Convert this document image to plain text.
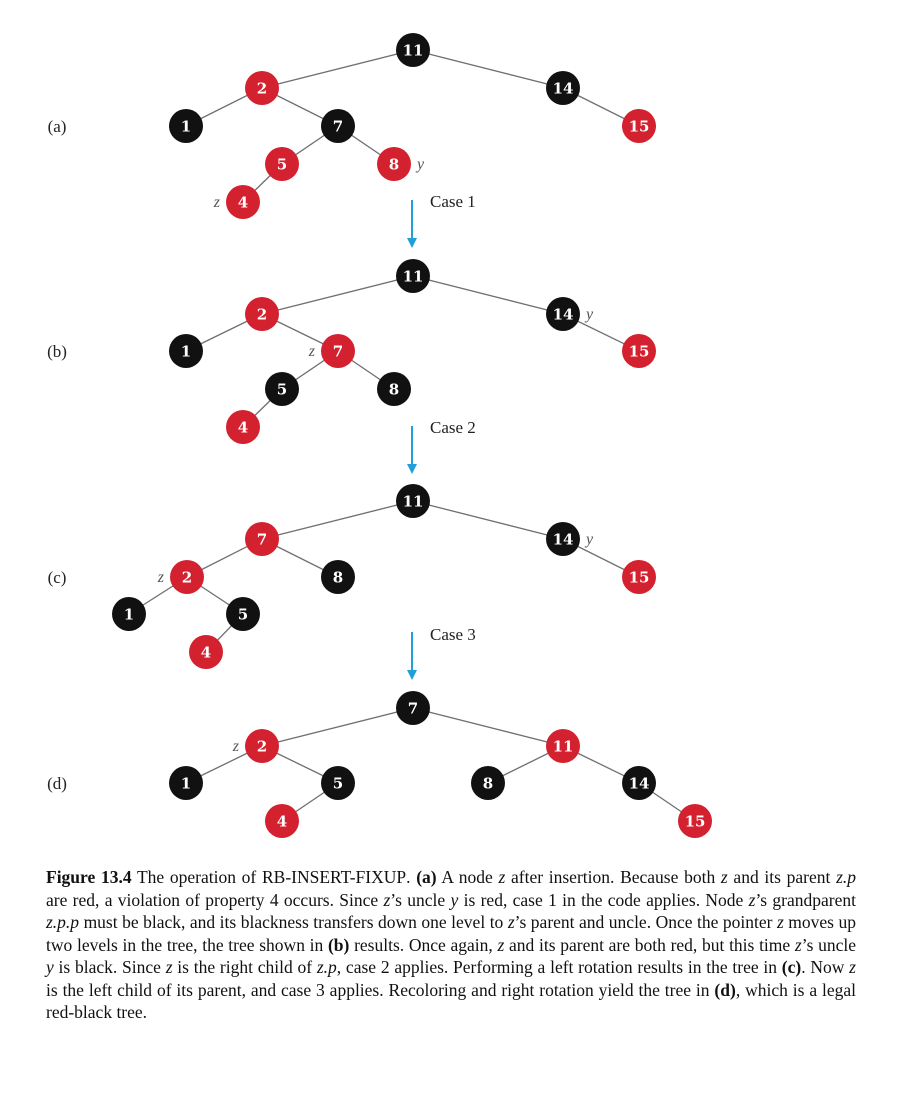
(a)
11
2	14
1	7	15
5	8 y
4
z
(b)
11
2	14 y
1	7
z	15
5	8
4
(c)
11
7	14 y
2
z	8	15
1	5
4
(d)
7
2
z	11
1	5	8	14
4	15
Case 1
Case 2
Case 3
Figure 13.4 The operation of RB-INSERT-FIXUP. (a) A node z after insertion. Because both z and its parent z.p are red, a violation of property 4 occurs. Since z’s uncle y is red, case 1 in the code applies. Node z’s grandparent z.p.p must be black, and its blackness transfers down one level to z’s parent and uncle. Once the pointer z moves up two levels in the tree, the tree shown in (b) results. Once again, z and its parent are both red, but this time z’s uncle y is black. Since z is the right child of z.p, case 2 applies. Performing a left rotation results in the tree in (c). Now z is the left child of its parent, and case 3 applies. Recoloring and right rotation yield the tree in (d), which is a legal red-black tree.
